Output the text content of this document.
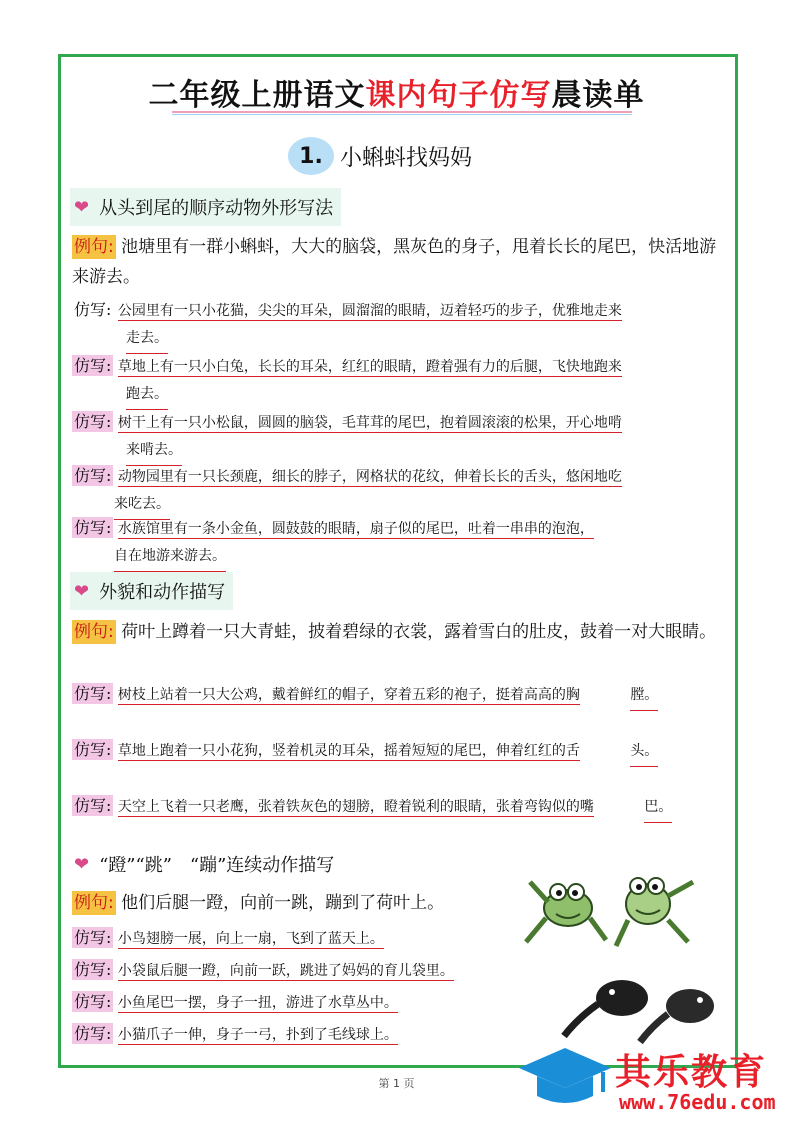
二年级上册语文课内句子仿写晨读单
1. 小蝌蚪找妈妈
❤ 从头到尾的顺序动物外形写法
例句: 池塘里有一群小蝌蚪，大大的脑袋，黑灰色的身子，甩着长长的尾巴，快活地游来游去。
仿写: 公园里有一只小花猫，尖尖的耳朵，圆溜溜的眼睛，迈着轻巧的步子，优雅地走来 走去。
仿写: 草地上有一只小白兔，长长的耳朵，红红的眼睛，蹬着强有力的后腿，飞快地跑来 跑去。
仿写: 树干上有一只小松鼠，圆圆的脑袋，毛茸茸的尾巴，抱着圆滚滚的松果，开心地啃 来啃去。
仿写: 动物园里有一只长颈鹿，细长的脖子，网格状的花纹，伸着长长的舌头，悠闲地吃 来吃去。
仿写: 水族馆里有一条小金鱼，圆鼓鼓的眼睛，扇子似的尾巴，吐着一串串的泡泡， 自在地游来游去。
❤ 外貌和动作描写
例句: 荷叶上蹲着一只大青蛙，披着碧绿的衣裳，露着雪白的肚皮，鼓着一对大眼睛。
仿写: 树枝上站着一只大公鸡，戴着鲜红的帽子，穿着五彩的袍子，挺着高高的胸	膛。
仿写: 草地上跑着一只小花狗，竖着机灵的耳朵，摇着短短的尾巴，伸着红红的舌	头。
仿写: 天空上飞着一只老鹰，张着铁灰色的翅膀，瞪着锐利的眼睛，张着弯钩似的嘴	巴。
❤ “蹬”“跳”　“蹦”连续动作描写
例句: 他们后腿一蹬，向前一跳，蹦到了荷叶上。
仿写: 小鸟翅膀一展，向上一扇，飞到了蓝天上。
仿写: 小袋鼠后腿一蹬，向前一跃，跳进了妈妈的育儿袋里。
仿写: 小鱼尾巴一摆，身子一扭，游进了水草丛中。
仿写: 小猫爪子一伸，身子一弓，扑到了毛线球上。
第 1 页	其乐教育
www.76edu.com
